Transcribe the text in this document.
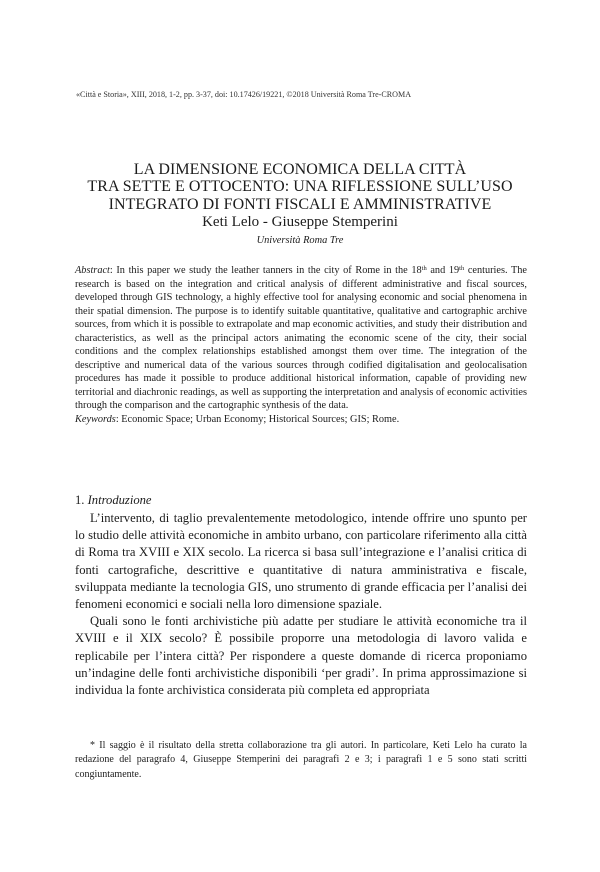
«Città e Storia», XIII, 2018, 1-2, pp. 3-37, doi: 10.17426/19221, ©2018 Università Roma Tre-CROMA
LA DIMENSIONE ECONOMICA DELLA CITTÀ
TRA SETTE E OTTOCENTO: UNA RIFLESSIONE SULL’USO
INTEGRATO DI FONTI FISCALI E AMMINISTRATIVE
Keti Lelo - Giuseppe Stemperini
Università Roma Tre

Abstract: In this paper we study the leather tanners in the city of Rome in the 18th and 19th centuries. The research is based on the integration and critical analysis of different administrative and fiscal sources, developed through GIS technology, a highly effective tool for analysing economic and social phenomena in their spatial dimension. The purpose is to identify suitable quantitative, qualitative and cartographic archive sources, from which it is possible to extrapolate and map economic activities, and study their distribution and characteristics, as well as the principal actors animating the economic scene of the city, their social conditions and the complex relationships established amongst them over time. The integration of the descriptive and numerical data of the various sources through codified digitalisation and geolocalisation procedures has made it possible to produce additional historical information, capable of providing new territorial and diachronic readings, as well as supporting the interpretation and analysis of economic activities through the comparison and the cartographic synthesis of the data.

Keywords: Economic Space; Urban Economy; Historical Sources; GIS; Rome.

1. Introduzione

L’intervento, di taglio prevalentemente metodologico, intende offrire uno spunto per lo studio delle attività economiche in ambito urbano, con particolare riferimento alla città di Roma tra XVIII e XIX secolo. La ricerca si basa sull’integrazione e l’analisi critica di fonti cartografiche, descrittive e quantitative di natura amministrativa e fiscale, sviluppata mediante la tecnologia GIS, uno strumento di grande efficacia per l’analisi dei fenomeni economici e sociali nella loro dimensione spaziale.

Quali sono le fonti archivistiche più adatte per studiare le attività economiche tra il XVIII e il XIX secolo? È possibile proporre una metodologia di lavoro valida e replicabile per l’intera città? Per rispondere a queste domande di ricerca proponiamo un’indagine delle fonti archivistiche disponibili ‘per gradi’. In prima approssimazione si individua la fonte archivistica considerata più completa ed appropriata

* Il saggio è il risultato della stretta collaborazione tra gli autori. In particolare, Keti Lelo ha curato la redazione del paragrafo 4, Giuseppe Stemperini dei paragrafi 2 e 3; i paragrafi 1 e 5 sono stati scritti congiuntamente.
